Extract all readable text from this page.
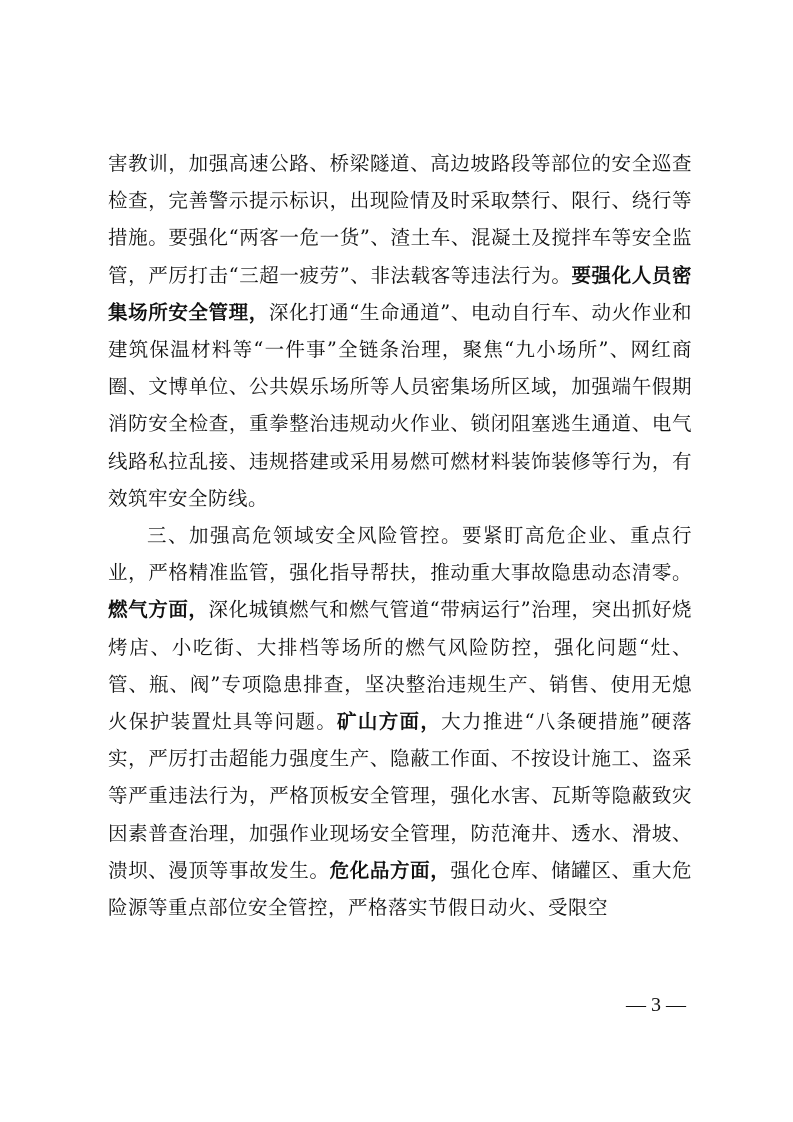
害教训，加强高速公路、桥梁隧道、高边坡路段等部位的安全巡查检查，完善警示提示标识，出现险情及时采取禁行、限行、绕行等措施。要强化“两客一危一货”、渣土车、混凝土及搅拌车等安全监管，严厉打击“三超一疲劳”、非法载客等违法行为。要强化人员密集场所安全管理，深化打通“生命通道”、电动自行车、动火作业和建筑保温材料等“一件事”全链条治理，聚焦“九小场所”、网红商圈、文博单位、公共娱乐场所等人员密集场所区域，加强端午假期消防安全检查，重拳整治违规动火作业、锁闭阻塞逃生通道、电气线路私拉乱接、违规搭建或采用易燃可燃材料装饰装修等行为，有效筑牢安全防线。

三、加强高危领域安全风险管控。要紧盯高危企业、重点行业，严格精准监管，强化指导帮扶，推动重大事故隐患动态清零。燃气方面，深化城镇燃气和燃气管道“带病运行”治理，突出抓好烧烤店、小吃街、大排档等场所的燃气风险防控，强化问题“灶、管、瓶、阀”专项隐患排查，坚决整治违规生产、销售、使用无熄火保护装置灶具等问题。矿山方面，大力推进“八条硬措施”硬落实，严厉打击超能力强度生产、隐蔽工作面、不按设计施工、盗采等严重违法行为，严格顶板安全管理，强化水害、瓦斯等隐蔽致灾因素普查治理，加强作业现场安全管理，防范淹井、透水、滑坡、溃坝、漫顶等事故发生。危化品方面，强化仓库、储罐区、重大危险源等重点部位安全管控，严格落实节假日动火、受限空

— 3 —
